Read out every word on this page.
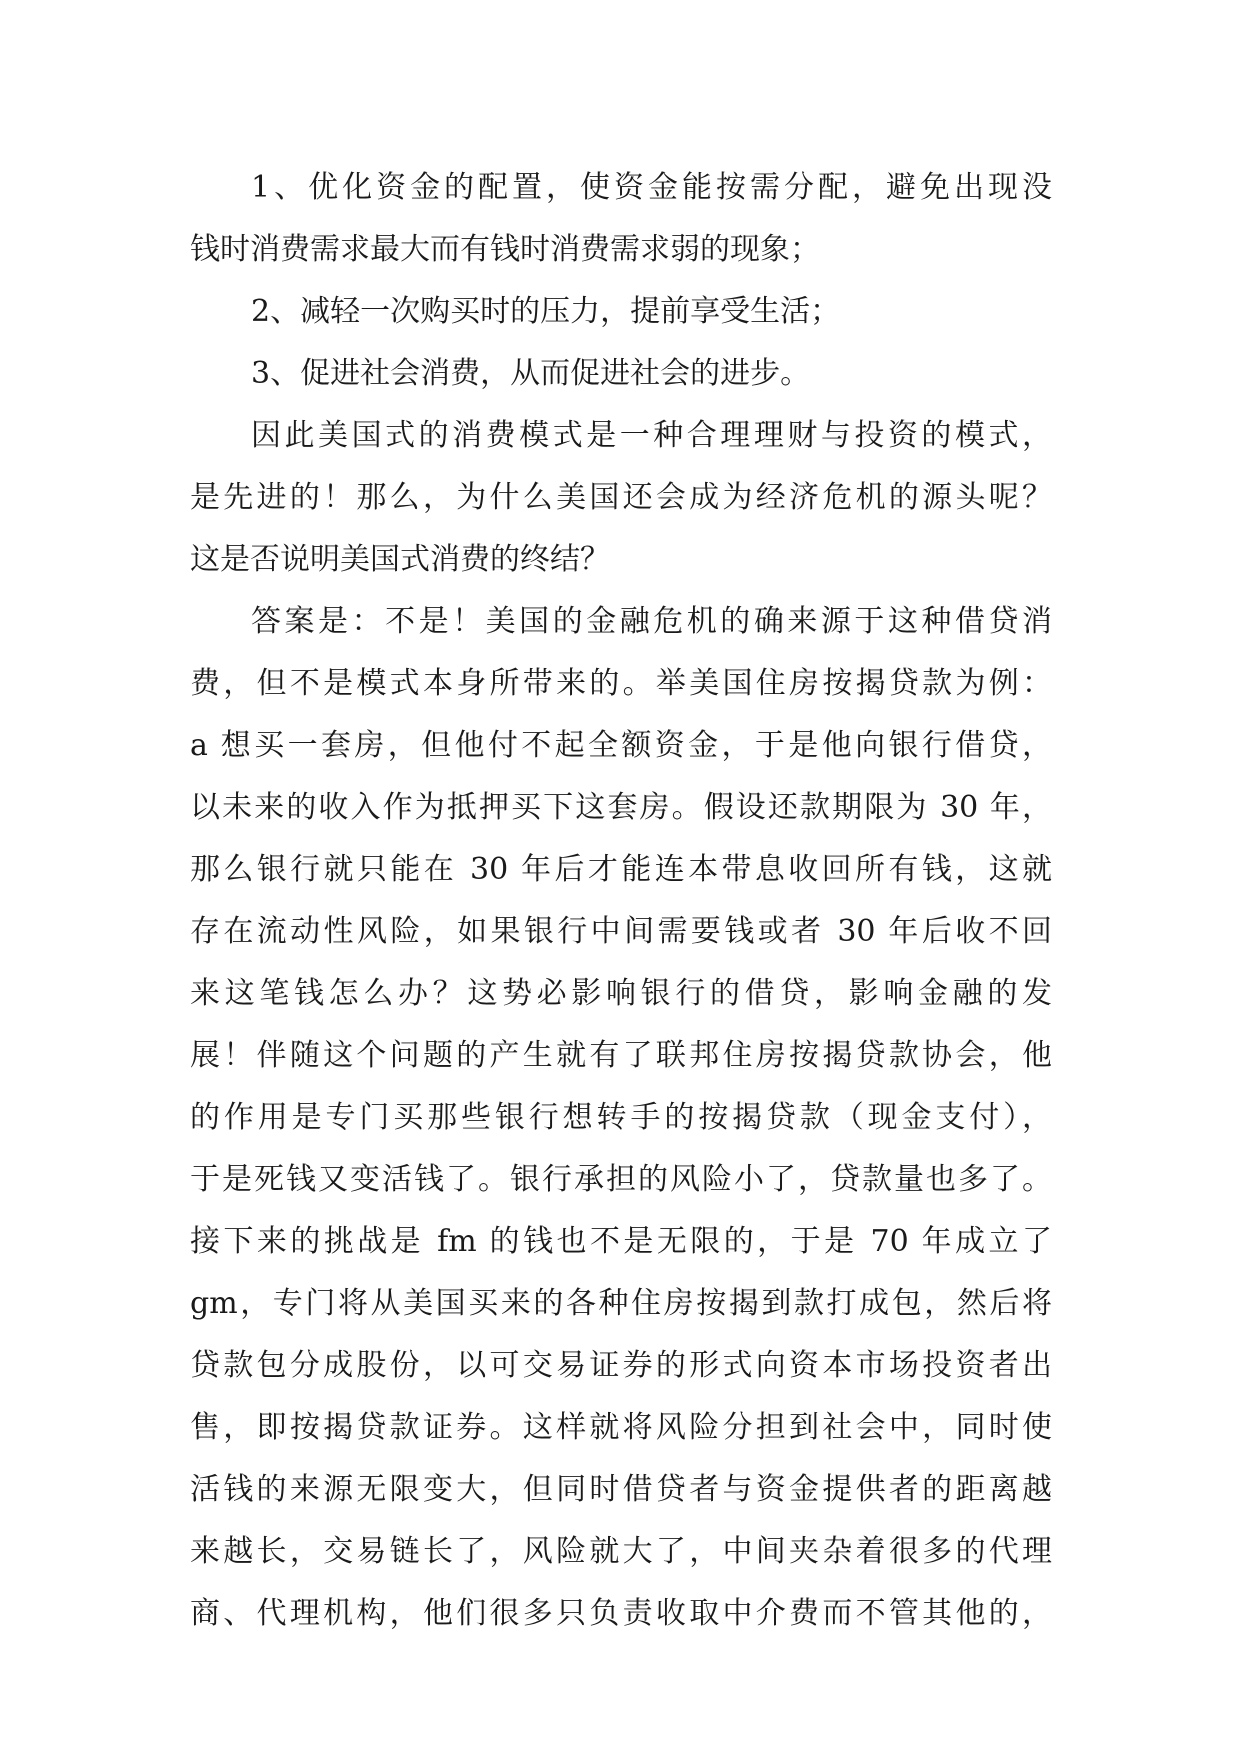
1、优化资金的配置，使资金能按需分配，避免出现没
钱时消费需求最大而有钱时消费需求弱的现象；
2、减轻一次购买时的压力，提前享受生活；
3、促进社会消费，从而促进社会的进步。
因此美国式的消费模式是一种合理理财与投资的模式，
是先进的！那么，为什么美国还会成为经济危机的源头呢？
这是否说明美国式消费的终结？
答案是：不是！美国的金融危机的确来源于这种借贷消
费，但不是模式本身所带来的。举美国住房按揭贷款为例：
a 想买一套房，但他付不起全额资金，于是他向银行借贷，
以未来的收入作为抵押买下这套房。假设还款期限为 30 年，
那么银行就只能在 30 年后才能连本带息收回所有钱，这就
存在流动性风险，如果银行中间需要钱或者 30 年后收不回
来这笔钱怎么办？这势必影响银行的借贷，影响金融的发
展！伴随这个问题的产生就有了联邦住房按揭贷款协会，他
的作用是专门买那些银行想转手的按揭贷款（现金支付），
于是死钱又变活钱了。银行承担的风险小了，贷款量也多了。
接下来的挑战是 fm 的钱也不是无限的，于是 70 年成立了
gm，专门将从美国买来的各种住房按揭到款打成包，然后将
贷款包分成股份，以可交易证券的形式向资本市场投资者出
售，即按揭贷款证券。这样就将风险分担到社会中，同时使
活钱的来源无限变大，但同时借贷者与资金提供者的距离越
来越长，交易链长了，风险就大了，中间夹杂着很多的代理
商、代理机构，他们很多只负责收取中介费而不管其他的，
